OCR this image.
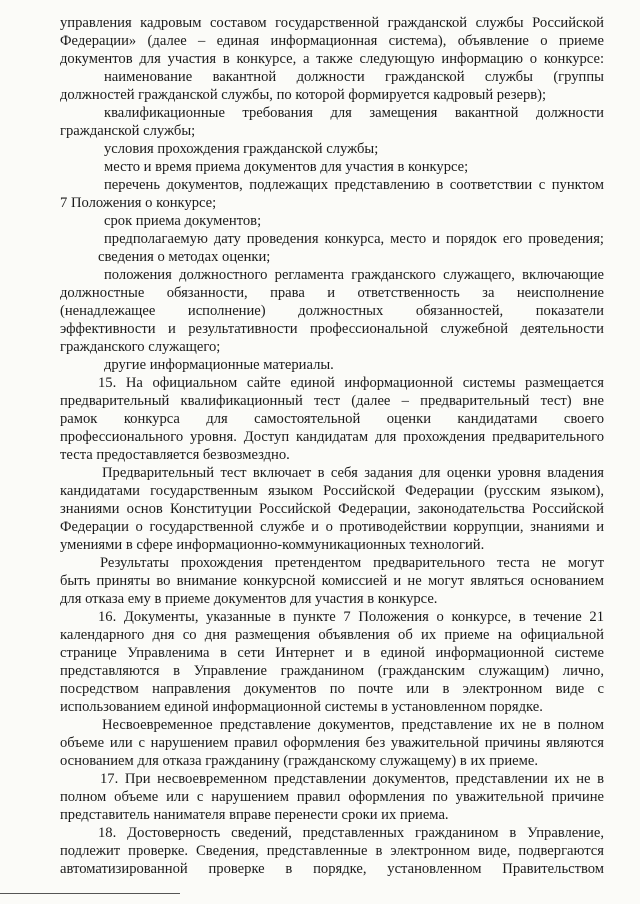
управления кадровым составом государственной гражданской службы Российской
Федерации» (далее – единая информационная система), объявление о приеме
документов для участия в конкурсе, а также следующую информацию о конкурсе:
наименование вакантной должности гражданской службы (группы
должностей гражданской службы, по которой формируется кадровый резерв);
квалификационные требования для замещения вакантной должности
гражданской службы;
условия прохождения гражданской службы;
место и время приема документов для участия в конкурсе;
перечень документов, подлежащих представлению в соответствии с пунктом
7 Положения о конкурсе;
срок приема документов;
предполагаемую дату проведения конкурса, место и порядок его проведения;
сведения о методах оценки;
положения должностного регламента гражданского служащего, включающие
должностные обязанности, права и ответственность за неисполнение
(ненадлежащее исполнение) должностных обязанностей, показатели
эффективности и результативности профессиональной служебной деятельности
гражданского служащего;
другие информационные материалы.
15. На официальном сайте единой информационной системы размещается
предварительный квалификационный тест (далее – предварительный тест) вне
рамок конкурса для самостоятельной оценки кандидатами своего
профессионального уровня. Доступ кандидатам для прохождения предварительного
теста предоставляется безвозмездно.
Предварительный тест включает в себя задания для оценки уровня владения
кандидатами государственным языком Российской Федерации (русским языком),
знаниями основ Конституции Российской Федерации, законодательства Российской
Федерации о государственной службе и о противодействии коррупции, знаниями и
умениями в сфере информационно-коммуникационных технологий.
Результаты прохождения претендентом предварительного теста не могут
быть приняты во внимание конкурсной комиссией и не могут являться основанием
для отказа ему в приеме документов для участия в конкурсе.
16. Документы, указанные в пункте 7 Положения о конкурсе, в течение 21
календарного дня со дня размещения объявления об их приеме на официальной
странице Управленима в сети Интернет и в единой информационной системе
представляются в Управление гражданином (гражданским служащим) лично,
посредством направления документов по почте или в электронном виде с
использованием единой информационной системы в установленном порядке.
Несвоевременное представление документов, представление их не в полном
объеме или с нарушением правил оформления без уважительной причины являются
основанием для отказа гражданину (гражданскому служащему) в их приеме.
17. При несвоевременном представлении документов, представлении их не в
полном объеме или с нарушением правил оформления по уважительной причине
представитель нанимателя вправе перенести сроки их приема.
18. Достоверность сведений, представленных гражданином в Управление,
подлежит проверке. Сведения, представленные в электронном виде, подвергаются
автоматизированной проверке в порядке, установленном Правительством
